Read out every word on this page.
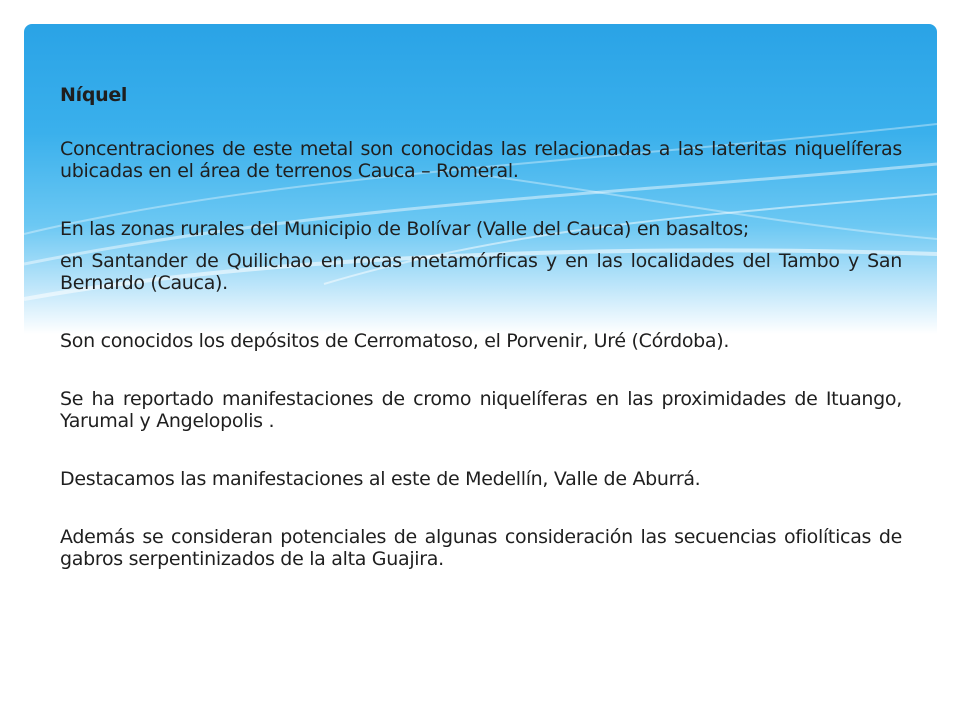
Níquel

Concentraciones de este metal son conocidas las relacionadas a las lateritas niquelíferas ubicadas en el área de terrenos Cauca – Romeral.

En las zonas rurales del Municipio de Bolívar (Valle del Cauca) en basaltos;

en Santander de Quilichao en rocas metamórficas y en las localidades del Tambo y San Bernardo (Cauca).

Son conocidos los depósitos de Cerromatoso, el Porvenir, Uré (Córdoba).

Se ha reportado manifestaciones de cromo niquelíferas en las proximidades de Ituango, Yarumal y Angelopolis .

Destacamos las manifestaciones al este de Medellín, Valle de Aburrá.

Además se consideran potenciales de algunas consideración las secuencias ofiolíticas de gabros serpentinizados de la alta Guajira.
